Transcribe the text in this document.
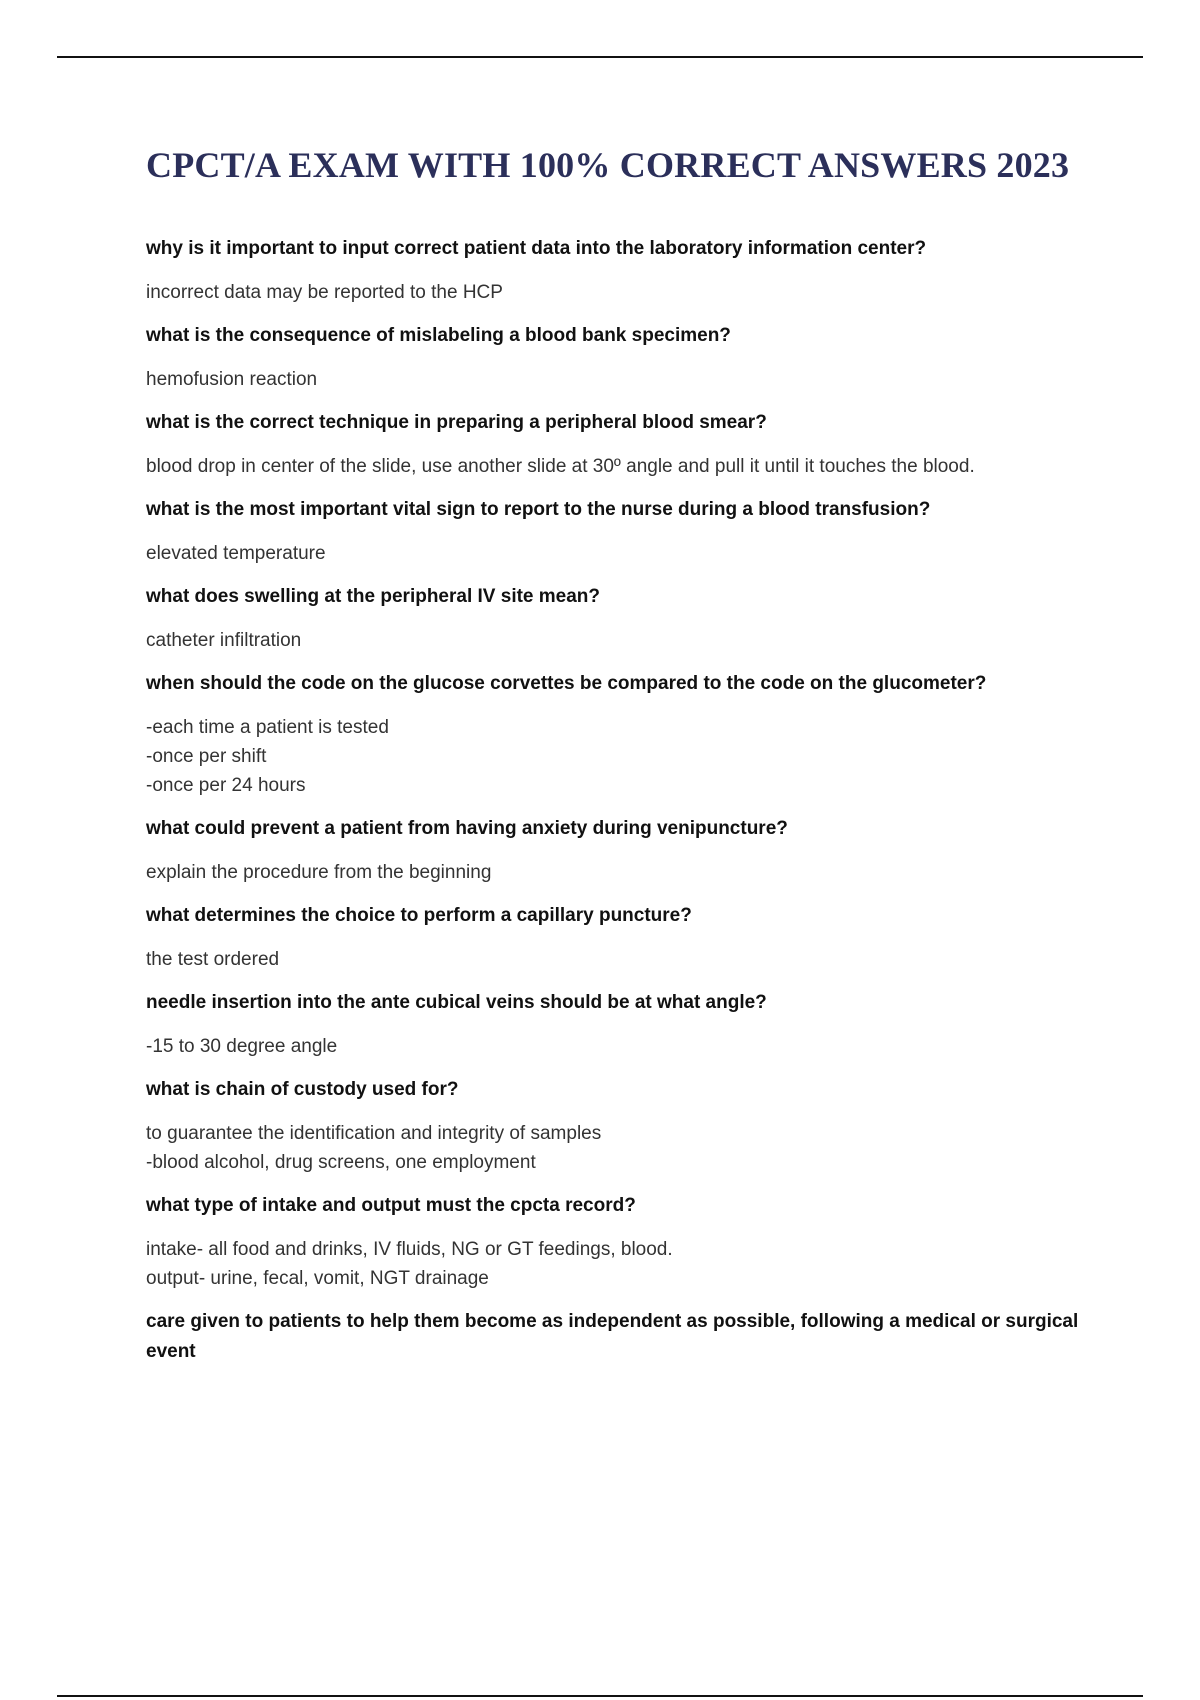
CPCT/A EXAM WITH 100% CORRECT ANSWERS 2023
why is it important to input correct patient data into the laboratory information center?
incorrect data may be reported to the HCP
what is the consequence of mislabeling a blood bank specimen?
hemofusion reaction
what is the correct technique in preparing a peripheral blood smear?
blood drop in center of the slide, use another slide at 30º angle and pull it until it touches the blood.
what is the most important vital sign to report to the nurse during a blood transfusion?
elevated temperature
what does swelling at the peripheral IV site mean?
catheter infiltration
when should the code on the glucose corvettes be compared to the code on the glucometer?
-each time a patient is tested
-once per shift
-once per 24 hours
what could prevent a patient from having anxiety during venipuncture?
explain the procedure from the beginning
what determines the choice to perform a capillary puncture?
the test ordered
needle insertion into the ante cubical veins should be at what angle?
-15 to 30 degree angle
what is chain of custody used for?
to guarantee the identification and integrity of samples
-blood alcohol, drug screens, one employment
what type of intake and output must the cpcta record?
intake- all food and drinks, IV fluids, NG or GT feedings, blood.
output- urine, fecal, vomit, NGT drainage
care given to patients to help them become as independent as possible, following a medical or surgical event
